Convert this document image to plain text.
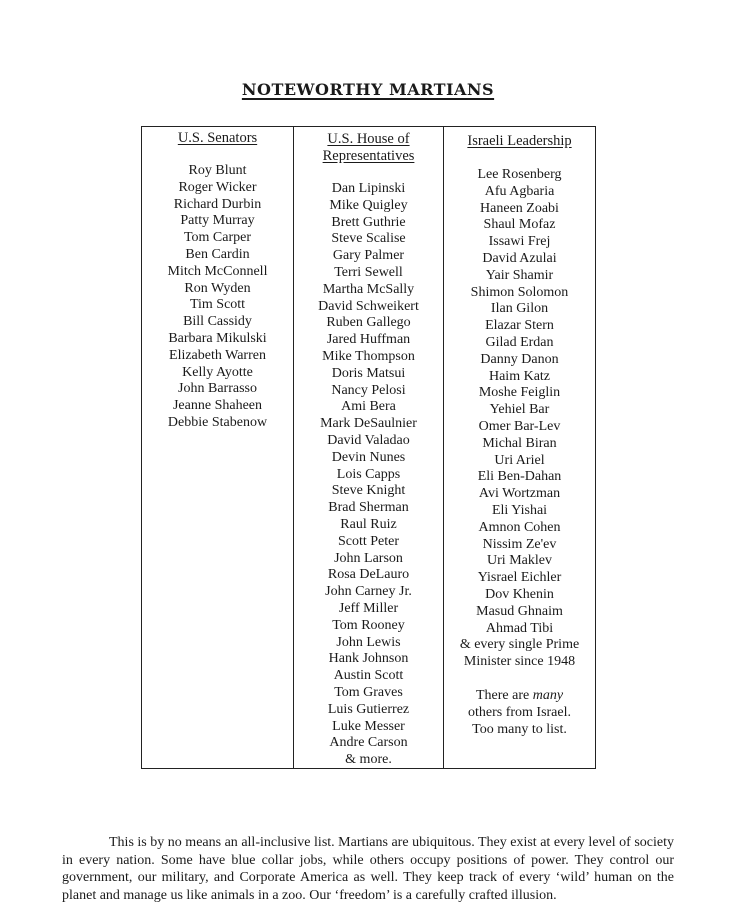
NOTEWORTHY MARTIANS
U.S. Senators
Roy Blunt
Roger Wicker
Richard Durbin
Patty Murray
Tom Carper
Ben Cardin
Mitch McConnell
Ron Wyden
Tim Scott
Bill Cassidy
Barbara Mikulski
Elizabeth Warren
Kelly Ayotte
John Barrasso
Jeanne Shaheen
Debbie Stabenow
U.S. House of
Representatives
Dan Lipinski
Mike Quigley
Brett Guthrie
Steve Scalise
Gary Palmer
Terri Sewell
Martha McSally
David Schweikert
Ruben Gallego
Jared Huffman
Mike Thompson
Doris Matsui
Nancy Pelosi
Ami Bera
Mark DeSaulnier
David Valadao
Devin Nunes
Lois Capps
Steve Knight
Brad Sherman
Raul Ruiz
Scott Peter
John Larson
Rosa DeLauro
John Carney Jr.
Jeff Miller
Tom Rooney
John Lewis
Hank Johnson
Austin Scott
Tom Graves
Luis Gutierrez
Luke Messer
Andre Carson
& more.
Israeli Leadership
Lee Rosenberg
Afu Agbaria
Haneen Zoabi
Shaul Mofaz
Issawi Frej
David Azulai
Yair Shamir
Shimon Solomon
Ilan Gilon
Elazar Stern
Gilad Erdan
Danny Danon
Haim Katz
Moshe Feiglin
Yehiel Bar
Omer Bar-Lev
Michal Biran
Uri Ariel
Eli Ben-Dahan
Avi Wortzman
Eli Yishai
Amnon Cohen
Nissim Ze'ev
Uri Maklev
Yisrael Eichler
Dov Khenin
Masud Ghnaim
Ahmad Tibi
& every single Prime
Minister since 1948
There are many
others from Israel.
Too many to list.

This is by no means an all-inclusive list. Martians are ubiquitous. They exist at every level of society in every nation. Some have blue collar jobs, while others occupy positions of power. They control our government, our military, and Corporate America as well. They keep track of every ‘wild’ human on the planet and manage us like animals in a zoo. Our ‘freedom’ is a carefully crafted illusion.
